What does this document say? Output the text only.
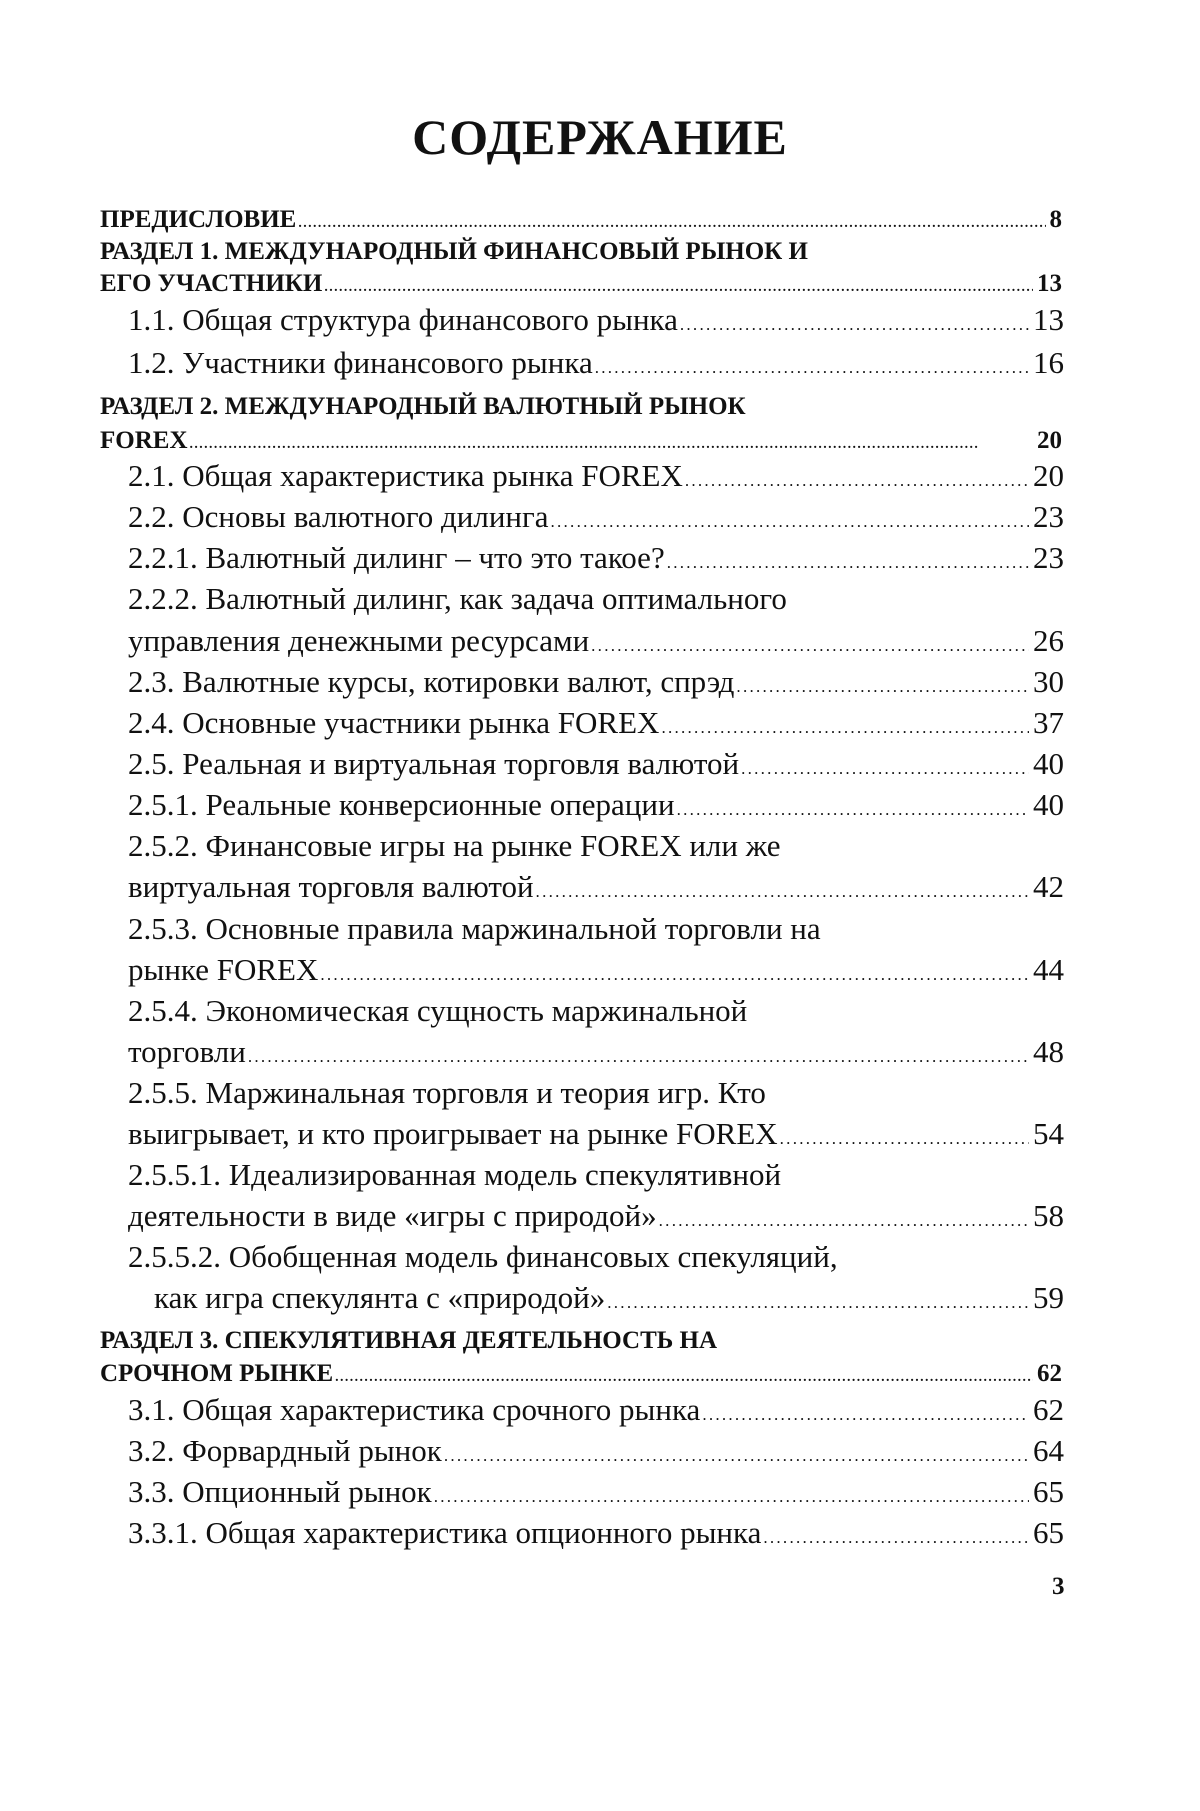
СОДЕРЖАНИЕ
ПРЕДИСЛОВИЕ . . .	8
РАЗДЕЛ 1. МЕЖДУНАРОДНЫЙ ФИНАНСОВЫЙ РЫНОК И
ЕГО УЧАСТНИКИ . . .	13
1.1. Общая структура финансового рынка . . .	13
1.2. Участники финансового рынка . . .	16
РАЗДЕЛ 2. МЕЖДУНАРОДНЫЙ ВАЛЮТНЫЙ РЫНОК
FOREX . . .	20
2.1. Общая характеристика рынка FOREX . . .	20
2.2. Основы валютного дилинга . . .	23
2.2.1. Валютный дилинг – что это такое? . . .	23
2.2.2. Валютный дилинг, как задача оптимального
управления денежными ресурсами . . .	26
2.3. Валютные курсы, котировки валют, спрэд . . .	30
2.4. Основные участники рынка FOREX . . .	37
2.5. Реальная и виртуальная торговля валютой . . .	40
2.5.1. Реальные конверсионные операции . . .	40
2.5.2. Финансовые игры на рынке FOREX или же
виртуальная торговля валютой . . .	42
2.5.3. Основные правила маржинальной торговли на
рынке FOREX . . .	44
2.5.4. Экономическая сущность маржинальной
торговли . . .	48
2.5.5. Маржинальная торговля и теория игр. Кто
выигрывает, и кто проигрывает на рынке FOREX . . .	54
2.5.5.1. Идеализированная модель спекулятивной
деятельности в виде «игры с природой» . . .	58
2.5.5.2. Обобщенная модель финансовых спекуляций,
как игра спекулянта с «природой» . . .	59
РАЗДЕЛ 3. СПЕКУЛЯТИВНАЯ ДЕЯТЕЛЬНОСТЬ НА
СРОЧНОМ РЫНКЕ . . .	62
3.1. Общая характеристика срочного рынка . . .	62
3.2. Форвардный рынок . . .	64
3.3. Опционный рынок . . .	65
3.3.1. Общая характеристика опционного рынка . . .	65
3
